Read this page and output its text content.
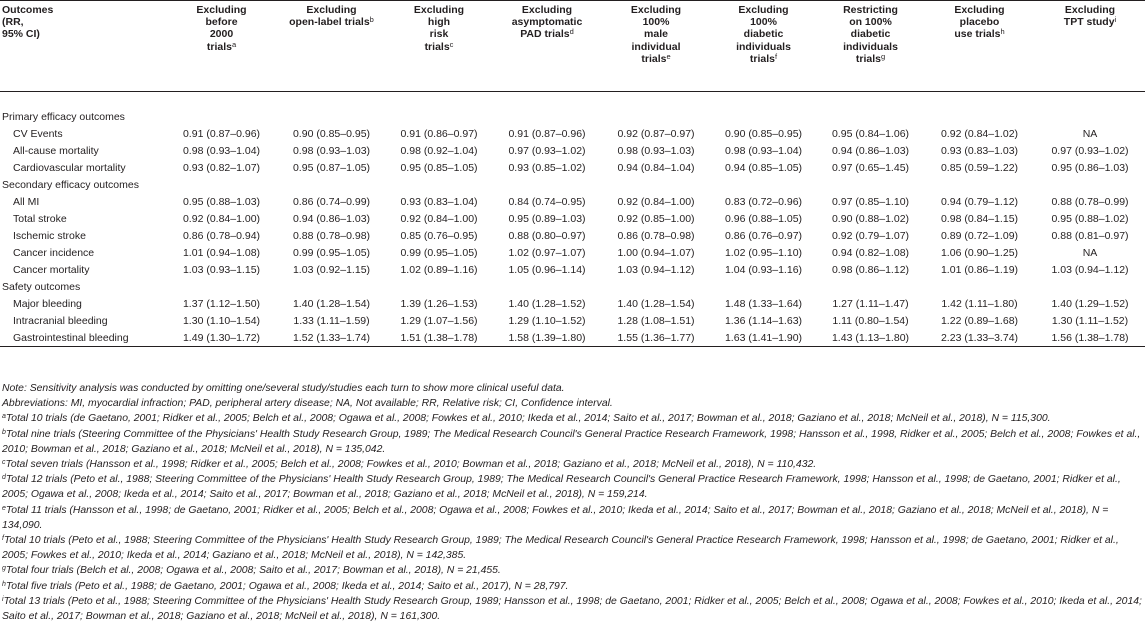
Outcomes
(RR,
95% CI)	Excluding
before
2000
trials$^a$	Excluding
open-label trials$^b$	Excluding
high
risk
trials$^c$	Excluding
asymptomatic
PAD trials$^d$	Excluding
100%
male
individual
trials$^e$	Excluding
100%
diabetic
individuals
trials$^f$	Restricting
on 100%
diabetic
individuals
trials$^g$	Excluding
placebo
use trials$^h$	Excluding
TPT study$^i$

Primary efficacy outcomes									
CV Events	0.91 (0.87–0.96)	0.90 (0.85–0.95)	0.91 (0.86–0.97)	0.91 (0.87–0.96)	0.92 (0.87–0.97)	0.90 (0.85–0.95)	0.95 (0.84–1.06)	0.92 (0.84–1.02)	NA
All-cause mortality	0.98 (0.93–1.04)	0.98 (0.93–1.03)	0.98 (0.92–1.04)	0.97 (0.93–1.02)	0.98 (0.93–1.03)	0.98 (0.93–1.04)	0.94 (0.86–1.03)	0.93 (0.83–1.03)	0.97 (0.93–1.02)
Cardiovascular mortality	0.93 (0.82–1.07)	0.95 (0.87–1.05)	0.95 (0.85–1.05)	0.93 (0.85–1.02)	0.94 (0.84–1.04)	0.94 (0.85–1.05)	0.97 (0.65–1.45)	0.85 (0.59–1.22)	0.95 (0.86–1.03)
Secondary efficacy outcomes									
All MI	0.95 (0.88–1.03)	0.86 (0.74–0.99)	0.93 (0.83–1.04)	0.84 (0.74–0.95)	0.92 (0.84–1.00)	0.83 (0.72–0.96)	0.97 (0.85–1.10)	0.94 (0.79–1.12)	0.88 (0.78–0.99)
Total stroke	0.92 (0.84–1.00)	0.94 (0.86–1.03)	0.92 (0.84–1.00)	0.95 (0.89–1.03)	0.92 (0.85–1.00)	0.96 (0.88–1.05)	0.90 (0.88–1.02)	0.98 (0.84–1.15)	0.95 (0.88–1.02)
Ischemic stroke	0.86 (0.78–0.94)	0.88 (0.78–0.98)	0.85 (0.76–0.95)	0.88 (0.80–0.97)	0.86 (0.78–0.98)	0.86 (0.76–0.97)	0.92 (0.79–1.07)	0.89 (0.72–1.09)	0.88 (0.81–0.97)
Cancer incidence	1.01 (0.94–1.08)	0.99 (0.95–1.05)	0.99 (0.95–1.05)	1.02 (0.97–1.07)	1.00 (0.94–1.07)	1.02 (0.95–1.10)	0.94 (0.82–1.08)	1.06 (0.90–1.25)	NA
Cancer mortality	1.03 (0.93–1.15)	1.03 (0.92–1.15)	1.02 (0.89–1.16)	1.05 (0.96–1.14)	1.03 (0.94–1.12)	1.04 (0.93–1.16)	0.98 (0.86–1.12)	1.01 (0.86–1.19)	1.03 (0.94–1.12)
Safety outcomes									
Major bleeding	1.37 (1.12–1.50)	1.40 (1.28–1.54)	1.39 (1.26–1.53)	1.40 (1.28–1.52)	1.40 (1.28–1.54)	1.48 (1.33–1.64)	1.27 (1.11–1.47)	1.42 (1.11–1.80)	1.40 (1.29–1.52)
Intracranial bleeding	1.30 (1.10–1.54)	1.33 (1.11–1.59)	1.29 (1.07–1.56)	1.29 (1.10–1.52)	1.28 (1.08–1.51)	1.36 (1.14–1.63)	1.11 (0.80–1.54)	1.22 (0.89–1.68)	1.30 (1.11–1.52)
Gastrointestinal bleeding	1.49 (1.30–1.72)	1.52 (1.33–1.74)	1.51 (1.38–1.78)	1.58 (1.39–1.80)	1.55 (1.36–1.77)	1.63 (1.41–1.90)	1.43 (1.13–1.80)	2.23 (1.33–3.74)	1.56 (1.38–1.78)

Note: Sensitivity analysis was conducted by omitting one/several study/studies each turn to show more clinical useful data.

Abbreviations: MI, myocardial infraction; PAD, peripheral artery disease; NA, Not available; RR, Relative risk; CI, Confidence interval.

$^a$Total 10 trials (de Gaetano, 2001; Ridker et al., 2005; Belch et al., 2008; Ogawa et al., 2008; Fowkes et al., 2010; Ikeda et al., 2014; Saito et al., 2017; Bowman et al., 2018; Gaziano et al., 2018; McNeil et al., 2018), N = 115,300.

$^b$Total nine trials (Steering Committee of the Physicians' Health Study Research Group, 1989; The Medical Research Council's General Practice Research Framework, 1998; Hansson et al., 1998, Ridker et al., 2005; Belch et al., 2008; Fowkes et al., 2010; Bowman et al., 2018; Gaziano et al., 2018; McNeil et al., 2018), N = 135,042.

$^c$Total seven trials (Hansson et al., 1998; Ridker et al., 2005; Belch et al., 2008; Fowkes et al., 2010; Bowman et al., 2018; Gaziano et al., 2018; McNeil et al., 2018), N = 110,432.

$^d$Total 12 trials (Peto et al., 1988; Steering Committee of the Physicians' Health Study Research Group, 1989; The Medical Research Council's General Practice Research Framework, 1998; Hansson et al., 1998; de Gaetano, 2001; Ridker et al., 2005; Ogawa et al., 2008; Ikeda et al., 2014; Saito et al., 2017; Bowman et al., 2018; Gaziano et al., 2018; McNeil et al., 2018), N = 159,214.

$^e$Total 11 trials (Hansson et al., 1998; de Gaetano, 2001; Ridker et al., 2005; Belch et al., 2008; Ogawa et al., 2008; Fowkes et al., 2010; Ikeda et al., 2014; Saito et al., 2017; Bowman et al., 2018; Gaziano et al., 2018; McNeil et al., 2018), N = 134,090.

$^f$Total 10 trials (Peto et al., 1988; Steering Committee of the Physicians' Health Study Research Group, 1989; The Medical Research Council's General Practice Research Framework, 1998; Hansson et al., 1998; de Gaetano, 2001; Ridker et al., 2005; Fowkes et al., 2010; Ikeda et al., 2014; Gaziano et al., 2018; McNeil et al., 2018), N = 142,385.

$^g$Total four trials (Belch et al., 2008; Ogawa et al., 2008; Saito et al., 2017; Bowman et al., 2018), N = 21,455.

$^h$Total five trials (Peto et al., 1988; de Gaetano, 2001; Ogawa et al., 2008; Ikeda et al., 2014; Saito et al., 2017), N = 28,797.

$^i$Total 13 trials (Peto et al., 1988; Steering Committee of the Physicians' Health Study Research Group, 1989; Hansson et al., 1998; de Gaetano, 2001; Ridker et al., 2005; Belch et al., 2008; Ogawa et al., 2008; Fowkes et al., 2010; Ikeda et al., 2014; Saito et al., 2017; Bowman et al., 2018; Gaziano et al., 2018; McNeil et al., 2018), N = 161,300.
